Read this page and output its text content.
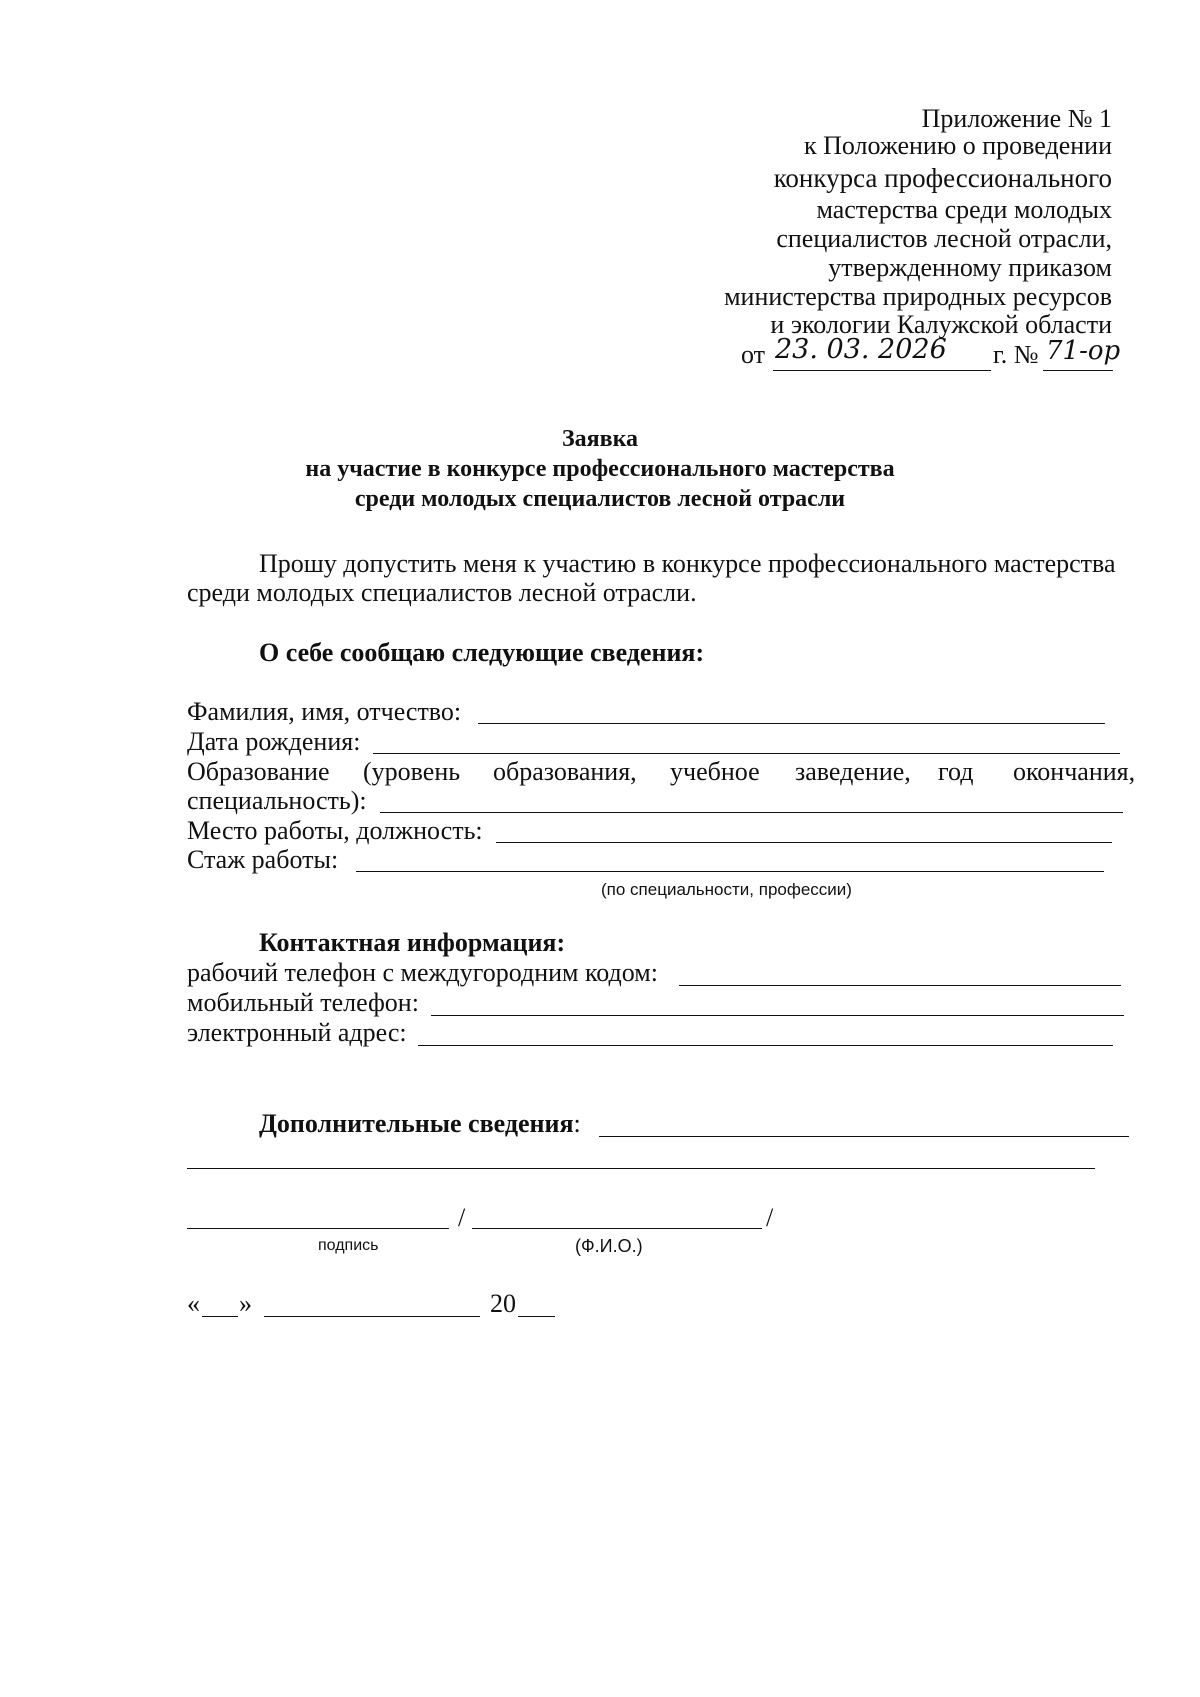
Приложение № 1
к Положению о проведении
конкурса профессионального
мастерства среди молодых
специалистов лесной отрасли,
утвержденному приказом
министерства природных ресурсов
и экологии Калужской области
от 23. 03. 2026 г. № 71-ор
Заявка
на участие в конкурсе профессионального мастерства
среди молодых специалистов лесной отрасли
Прошу допустить меня к участию в конкурсе профессионального мастерства
среди молодых специалистов лесной отрасли.
О себе сообщаю следующие сведения:
Фамилия, имя, отчество:
Дата рождения:
Образование (уровень образования, учебное заведение, год окончания,
специальность):
Место работы, должность:
Стаж работы:
(по специальности, профессии)
Контактная информация:
рабочий телефон с междугородним кодом:
мобильный телефон:
электронный адрес:
Дополнительные сведения:
/	/
подпись	(Ф.И.О.)
« »	20
